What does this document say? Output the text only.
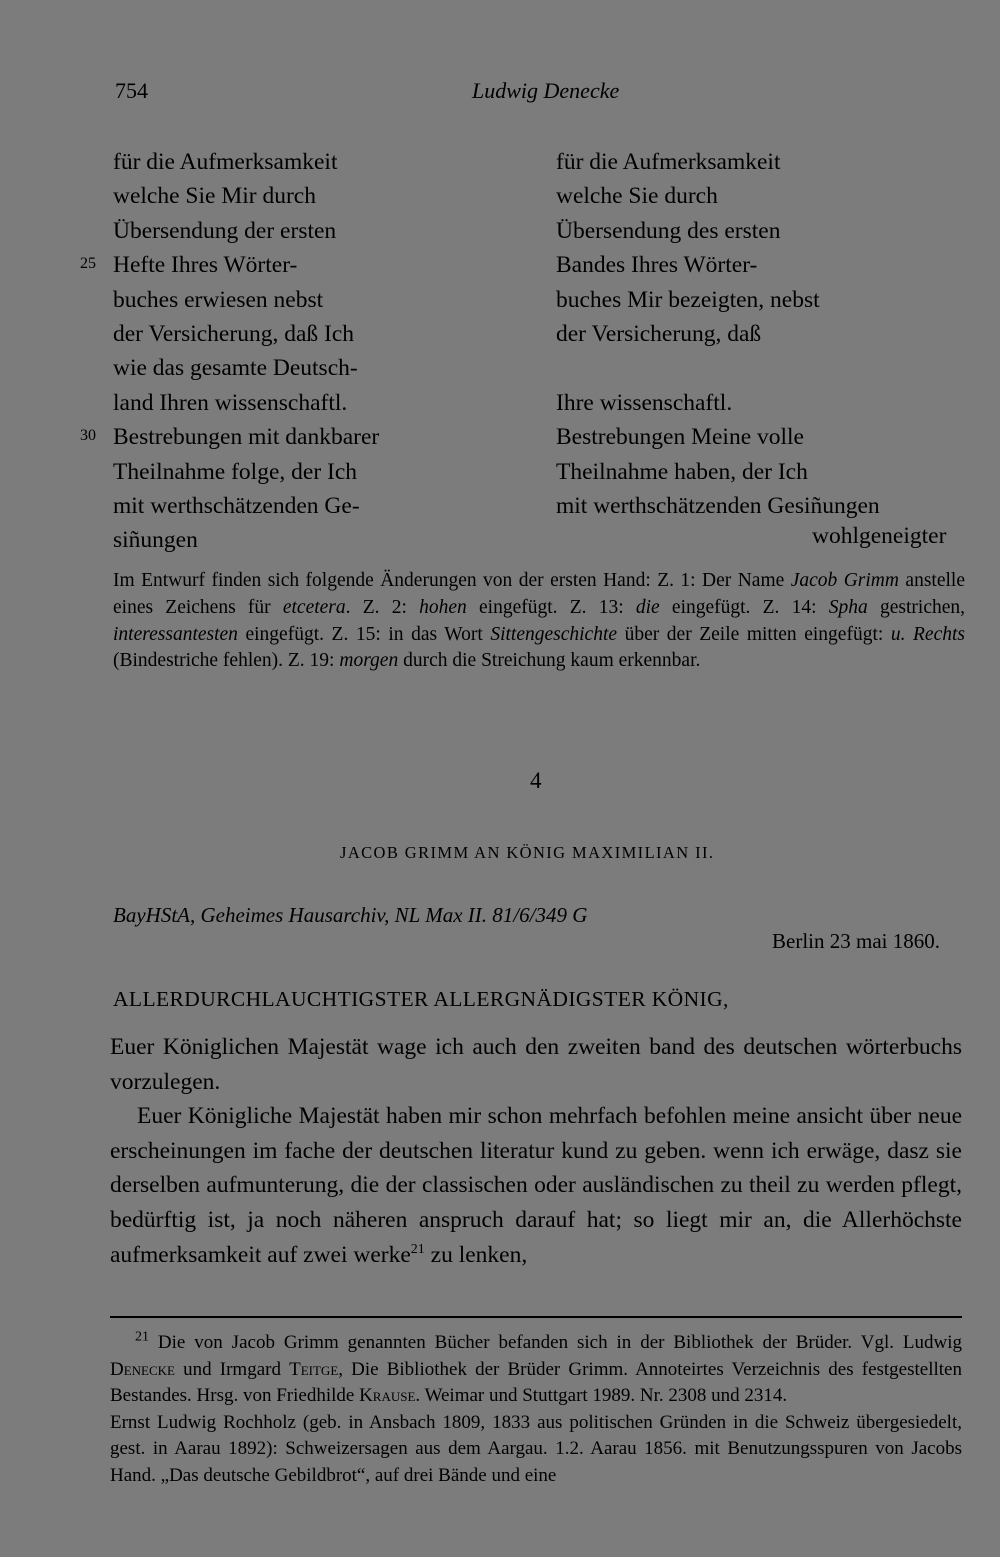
754	Ludwig Denecke
25
30
für die Aufmerksamkeit
welche Sie Mir durch
Übersendung der ersten
Hefte Ihres Wörter-
buches erwiesen nebst
der Versicherung, daß Ich
wie das gesamte Deutsch-
land Ihren wissenschaftl.
Bestrebungen mit dankbarer
Theilnahme folge, der Ich
mit werthschätzenden Ge-
siñungen
für die Aufmerksamkeit
welche Sie durch
Übersendung des ersten
Bandes Ihres Wörter-
buches Mir bezeigten, nebst
der Versicherung, daß
Ihre wissenschaftl.
Bestrebungen Meine volle
Theilnahme haben, der Ich
mit werthschätzenden Gesiñungen
wohlgeneigter
Im Entwurf finden sich folgende Änderungen von der ersten Hand: Z. 1: Der Name Jacob Grimm anstelle eines Zeichens für etcetera. Z. 2: hohen eingefügt. Z. 13: die eingefügt. Z. 14: Spha gestrichen, interessantesten eingefügt. Z. 15: in das Wort Sittengeschichte über der Zeile mitten eingefügt: u. Rechts (Bindestriche fehlen). Z. 19: morgen durch die Streichung kaum erkennbar.
4
JACOB GRIMM AN KÖNIG MAXIMILIAN II.
BayHStA, Geheimes Hausarchiv, NL Max II. 81/6/349 G
Berlin 23 mai 1860.
ALLERDURCHLAUCHTIGSTER ALLERGNÄDIGSTER KÖNIG,

Euer Königlichen Majestät wage ich auch den zweiten band des deutschen wörterbuchs vorzulegen.

Euer Königliche Majestät haben mir schon mehrfach befohlen meine ansicht über neue erscheinungen im fache der deutschen literatur kund zu geben. wenn ich erwäge, dasz sie derselben aufmunterung, die der classischen oder ausländischen zu theil zu werden pflegt, bedürftig ist, ja noch näheren anspruch darauf hat; so liegt mir an, die Allerhöchste aufmerksamkeit auf zwei werke$^{21}$ zu lenken,

$^{21}$ Die von Jacob Grimm genannten Bücher befanden sich in der Bibliothek der Brüder. Vgl. Ludwig Denecke und Irmgard Teitge, Die Bibliothek der Brüder Grimm. Annoteirtes Verzeichnis des festgestellten Bestandes. Hrsg. von Friedhilde Krause. Weimar und Stuttgart 1989. Nr. 2308 und 2314.

Ernst Ludwig Rochholz (geb. in Ansbach 1809, 1833 aus politischen Gründen in die Schweiz übergesiedelt, gest. in Aarau 1892): Schweizersagen aus dem Aargau. 1.2. Aarau 1856. mit Benutzungsspuren von Jacobs Hand. „Das deutsche Gebildbrot“, auf drei Bände und eine
